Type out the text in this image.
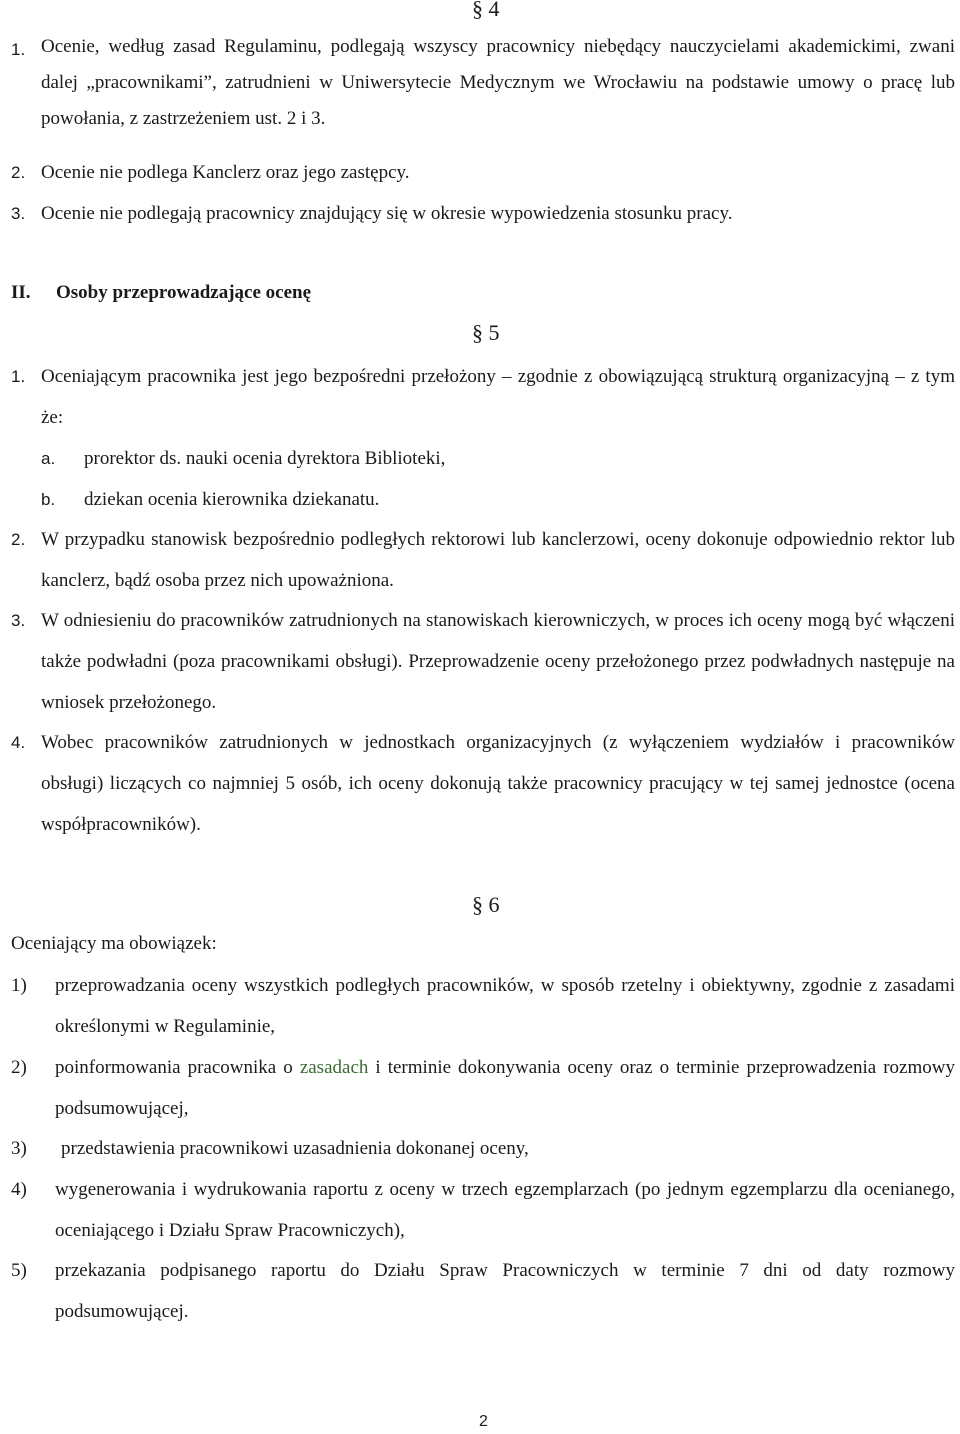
§ 4
1. Ocenie, według zasad Regulaminu, podlegają wszyscy pracownicy niebędący nauczycielami akademickimi, zwani dalej „pracownikami”, zatrudnieni w Uniwersytecie Medycznym we Wrocławiu na podstawie umowy o pracę lub powołania, z zastrzeżeniem ust. 2 i 3.
2. Ocenie nie podlega Kanclerz oraz jego zastępcy.
3. Ocenie nie podlegają pracownicy znajdujący się w okresie wypowiedzenia stosunku pracy.
II. Osoby przeprowadzające ocenę
§ 5
1. Oceniającym pracownika jest jego bezpośredni przełożony – zgodnie z obowiązującą strukturą organizacyjną – z tym że:
a.	prorektor ds. nauki ocenia dyrektora Biblioteki,
b.	dziekan ocenia kierownika dziekanatu.
2. W przypadku stanowisk bezpośrednio podległych rektorowi lub kanclerzowi, oceny dokonuje odpowiednio rektor lub kanclerz, bądź osoba przez nich upoważniona.
3. W odniesieniu do pracowników zatrudnionych na stanowiskach kierowniczych, w proces ich oceny mogą być włączeni także podwładni (poza pracownikami obsługi). Przeprowadzenie oceny przełożonego przez podwładnych następuje na wniosek przełożonego.
4. Wobec pracowników zatrudnionych w jednostkach organizacyjnych (z wyłączeniem wydziałów i pracowników obsługi) liczących co najmniej 5 osób, ich oceny dokonują także pracownicy pracujący w tej samej jednostce (ocena współpracowników).
§ 6
Oceniający ma obowiązek:
1)	przeprowadzania oceny wszystkich podległych pracowników, w sposób rzetelny i obiektywny, zgodnie z zasadami określonymi w Regulaminie,
2)	poinformowania pracownika o zasadach i terminie dokonywania oceny oraz o terminie przeprowadzenia rozmowy podsumowującej,
3)	przedstawienia pracownikowi uzasadnienia dokonanej oceny,
4)	wygenerowania i wydrukowania raportu z oceny w trzech egzemplarzach (po jednym egzemplarzu dla ocenianego, oceniającego i Działu Spraw Pracowniczych),
5)	przekazania podpisanego raportu do Działu Spraw Pracowniczych w terminie 7 dni od daty rozmowy podsumowującej.
2
